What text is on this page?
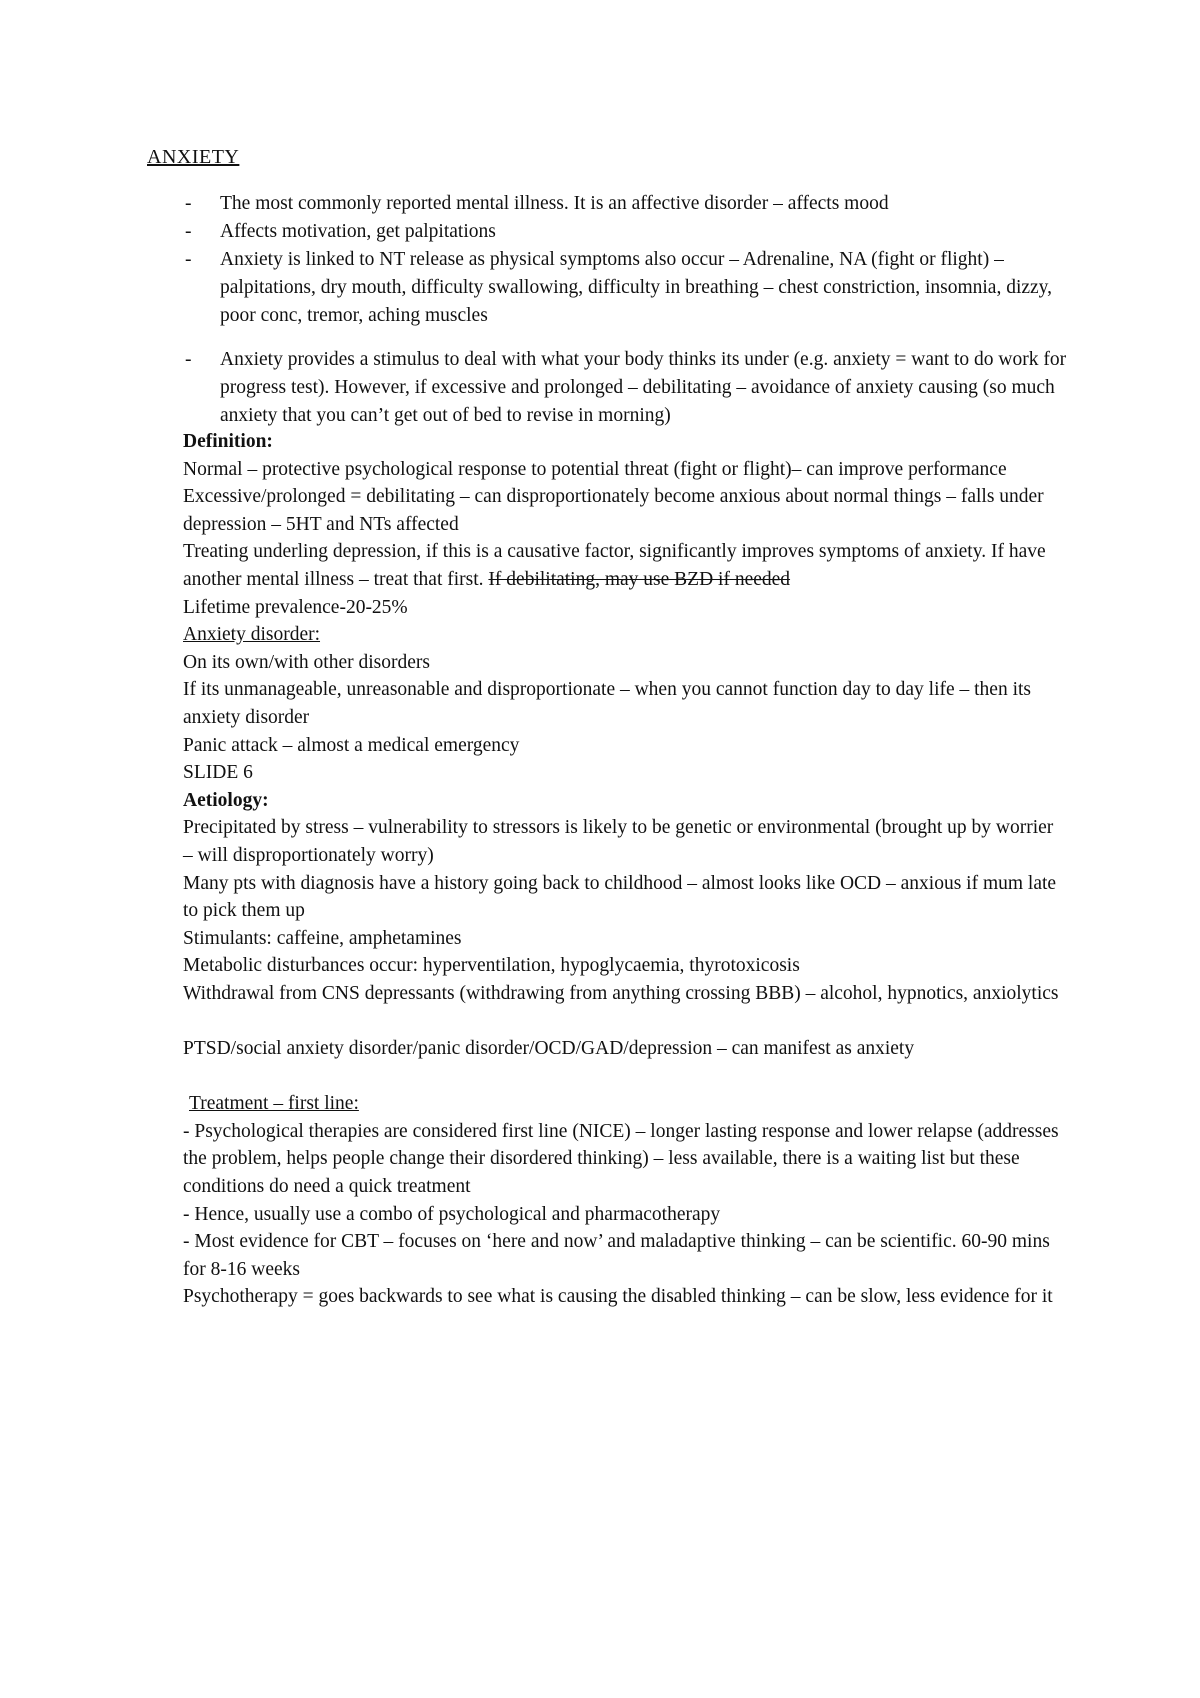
ANXIETY
- The most commonly reported mental illness. It is an affective disorder – affects mood
- Affects motivation, get palpitations
- Anxiety is linked to NT release as physical symptoms also occur – Adrenaline, NA (fight or flight) – palpitations, dry mouth, difficulty swallowing, difficulty in breathing – chest constriction, insomnia, dizzy, poor conc, tremor, aching muscles
- Anxiety provides a stimulus to deal with what your body thinks its under (e.g. anxiety = want to do work for progress test). However, if excessive and prolonged – debilitating – avoidance of anxiety causing (so much anxiety that you can’t get out of bed to revise in morning)

Definition:

Normal – protective psychological response to potential threat (fight or flight)– can improve performance

Excessive/prolonged = debilitating – can disproportionately become anxious about normal things – falls under depression – 5HT and NTs affected

Treating underling depression, if this is a causative factor, significantly improves symptoms of anxiety. If have another mental illness – treat that first. If debilitating, may use BZD if needed

Lifetime prevalence-20-25%

Anxiety disorder:

On its own/with other disorders

If its unmanageable, unreasonable and disproportionate – when you cannot function day to day life – then its anxiety disorder

Panic attack – almost a medical emergency

SLIDE 6

Aetiology:

Precipitated by stress – vulnerability to stressors is likely to be genetic or environmental (brought up by worrier – will disproportionately worry)

Many pts with diagnosis have a history going back to childhood – almost looks like OCD – anxious if mum late to pick them up

Stimulants: caffeine, amphetamines

Metabolic disturbances occur: hyperventilation, hypoglycaemia, thyrotoxicosis

Withdrawal from CNS depressants (withdrawing from anything crossing BBB) – alcohol, hypnotics, anxiolytics

PTSD/social anxiety disorder/panic disorder/OCD/GAD/depression – can manifest as anxiety

Treatment – first line:

- Psychological therapies are considered first line (NICE) – longer lasting response and lower relapse (addresses the problem, helps people change their disordered thinking) – less available, there is a waiting list but these conditions do need a quick treatment

- Hence, usually use a combo of psychological and pharmacotherapy

- Most evidence for CBT – focuses on ‘here and now’ and maladaptive thinking – can be scientific. 60-90 mins for 8-16 weeks

Psychotherapy = goes backwards to see what is causing the disabled thinking – can be slow, less evidence for it
